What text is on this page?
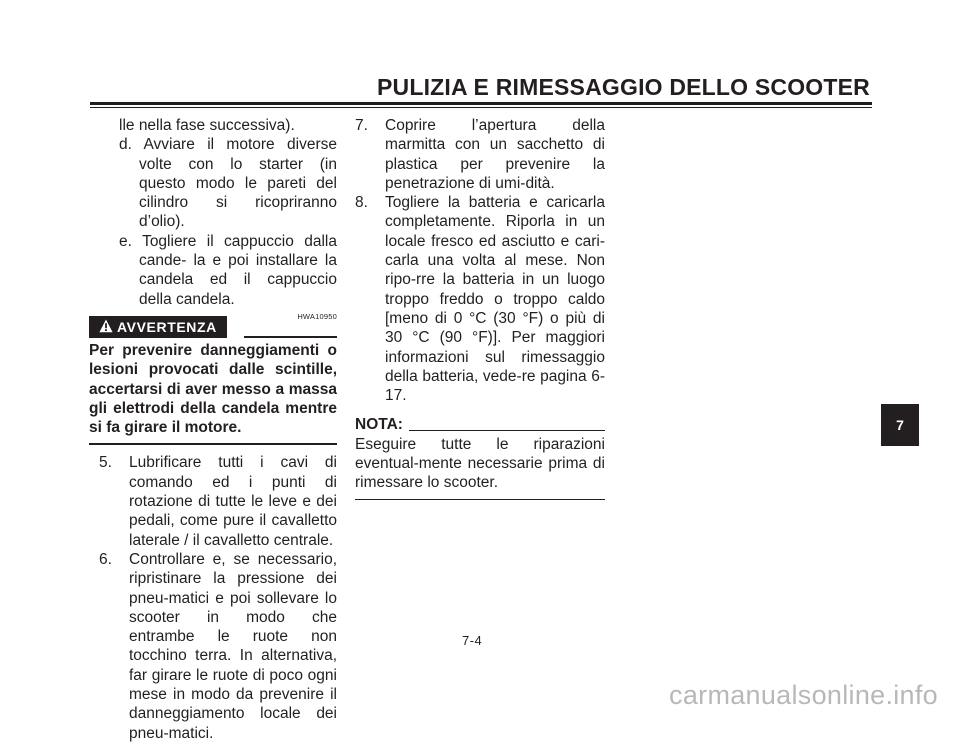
PULIZIA E RIMESSAGGIO DELLO SCOOTER
lle nella fase successiva).
d. Avviare il motore diverse volte con lo starter (in questo modo le pareti del cilindro si ricopriranno d’olio).
e. Togliere il cappuccio dalla cande- la e poi installare la candela ed il cappuccio della candela.
HWA10950
AVVERTENZA
Per prevenire danneggiamenti o lesioni provocati dalle scintille, accertarsi di aver messo a massa gli elettrodi della candela mentre si fa girare il motore.
5.	Lubrificare tutti i cavi di comando ed i punti di rotazione di tutte le leve e dei pedali, come pure il cavalletto laterale / il cavalletto centrale.
6.	Controllare e, se necessario, ripristinare la pressione dei pneu-matici e poi sollevare lo scooter in modo che entrambe le ruote non tocchino terra. In alternativa, far girare le ruote di poco ogni mese in modo da prevenire il danneggiamento locale dei pneu-matici.
7.	Coprire l’apertura della marmitta con un sacchetto di plastica per prevenire la penetrazione di umi-dità.
8.	Togliere la batteria e caricarla completamente. Riporla in un locale fresco ed asciutto e cari-carla una volta al mese. Non ripo-rre la batteria in un luogo troppo freddo o troppo caldo [meno di 0 °C (30 °F) o più di 30 °C (90 °F)]. Per maggiori informazioni sul rimessaggio della batteria, vede-re pagina 6-17.
NOTA:
Eseguire tutte le riparazioni eventual-mente necessarie prima di rimessare lo scooter.
7-4
7
carmanualsonline.info
